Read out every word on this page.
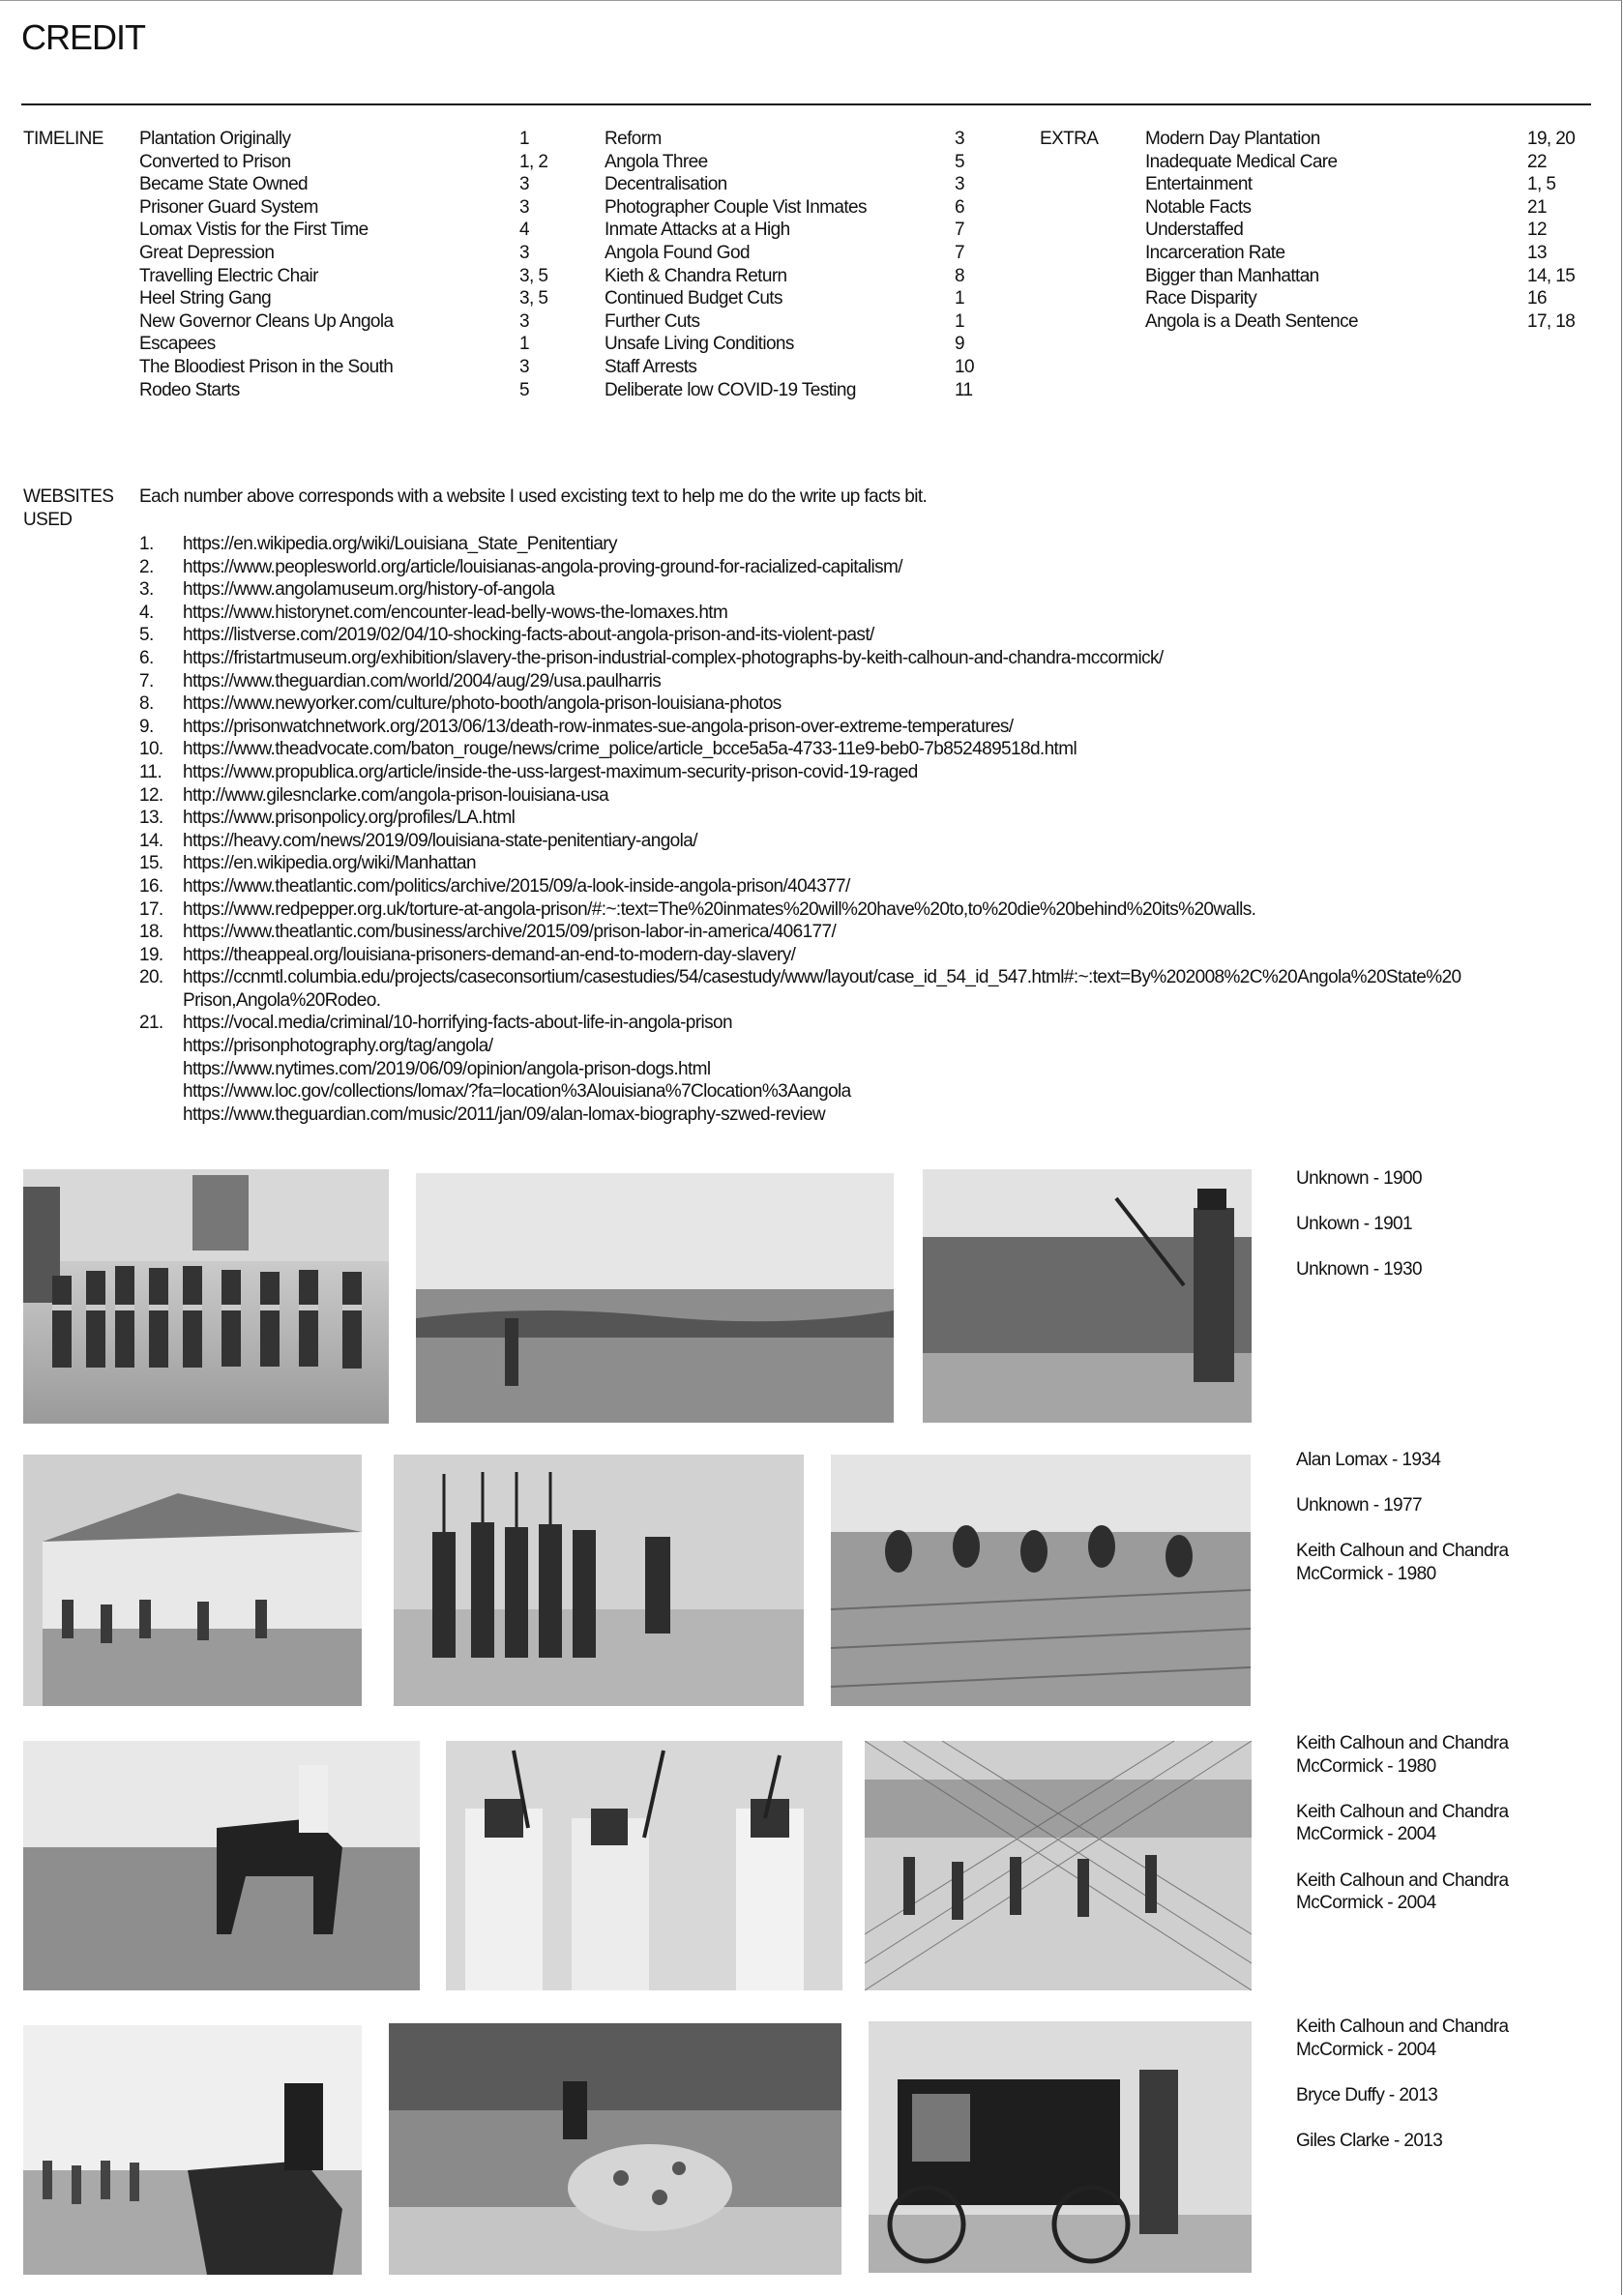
CREDIT
TIMELINE Plantation Originally	1
Converted to Prison	1, 2
Became State Owned	3
Prisoner Guard System	3
Lomax Vistis for the First Time	4
Great Depression	3
Travelling Electric Chair	3, 5
Heel String Gang	3, 5
New Governor Cleans Up Angola	3
Escapees	1
The Bloodiest Prison in the South	3
Rodeo Starts	5
Reform	3
Angola Three	5
Decentralisation	3
Photographer Couple Vist Inmates	6
Inmate Attacks at a High	7
Angola Found God	7
Kieth & Chandra Return	8
Continued Budget Cuts	1
Further Cuts	1
Unsafe Living Conditions	9
Staff Arrests	10
Deliberate low COVID-19 Testing	11
EXTRA	Modern Day Plantation	19, 20
Inadequate Medical Care	22
Entertainment	1, 5
Notable Facts	21
Understaffed	12
Incarceration Rate	13
Bigger than Manhattan	14, 15
Race Disparity	16
Angola is a Death Sentence	17, 18
WEBSITES
USED
Each number above corresponds with a website I used excisting text to help me do the write up facts bit.
1. https://en.wikipedia.org/wiki/Louisiana_State_Penitentiary
2. https://www.peoplesworld.org/article/louisianas-angola-proving-ground-for-racialized-capitalism/
3. https://www.angolamuseum.org/history-of-angola
4. https://www.historynet.com/encounter-lead-belly-wows-the-lomaxes.htm
5. https://listverse.com/2019/02/04/10-shocking-facts-about-angola-prison-and-its-violent-past/
6. https://fristartmuseum.org/exhibition/slavery-the-prison-industrial-complex-photographs-by-keith-calhoun-and-chandra-mccormick/
7. https://www.theguardian.com/world/2004/aug/29/usa.paulharris
8. https://www.newyorker.com/culture/photo-booth/angola-prison-louisiana-photos
9. https://prisonwatchnetwork.org/2013/06/13/death-row-inmates-sue-angola-prison-over-extreme-temperatures/
10. https://www.theadvocate.com/baton_rouge/news/crime_police/article_bcce5a5a-4733-11e9-beb0-7b852489518d.html
11. https://www.propublica.org/article/inside-the-uss-largest-maximum-security-prison-covid-19-raged
12. http://www.gilesnclarke.com/angola-prison-louisiana-usa
13. https://www.prisonpolicy.org/profiles/LA.html
14. https://heavy.com/news/2019/09/louisiana-state-penitentiary-angola/
15. https://en.wikipedia.org/wiki/Manhattan
16. https://www.theatlantic.com/politics/archive/2015/09/a-look-inside-angola-prison/404377/
17. https://www.redpepper.org.uk/torture-at-angola-prison/#:~:text=The%20inmates%20will%20have%20to,to%20die%20behind%20its%20walls.
18. https://www.theatlantic.com/business/archive/2015/09/prison-labor-in-america/406177/
19. https://theappeal.org/louisiana-prisoners-demand-an-end-to-modern-day-slavery/
20. https://ccnmtl.columbia.edu/projects/caseconsortium/casestudies/54/casestudy/www/layout/case_id_54_id_547.html#:~:text=By%202008%2C%20Angola%20State%20
Prison,Angola%20Rodeo.
21. https://vocal.media/criminal/10-horrifying-facts-about-life-in-angola-prison
https://prisonphotography.org/tag/angola/
https://www.nytimes.com/2019/06/09/opinion/angola-prison-dogs.html
https://www.loc.gov/collections/lomax/?fa=location%3Alouisiana%7Clocation%3Aangola
https://www.theguardian.com/music/2011/jan/09/alan-lomax-biography-szwed-review
Unknown - 1900
Unkown - 1901
Unknown - 1930
Alan Lomax - 1934
Unknown - 1977
Keith Calhoun and Chandra McCormick - 1980
Keith Calhoun and Chandra McCormick - 1980
Keith Calhoun and Chandra McCormick - 2004
Keith Calhoun and Chandra McCormick - 2004
Keith Calhoun and Chandra McCormick - 2004
Bryce Duffy - 2013
Giles Clarke - 2013
